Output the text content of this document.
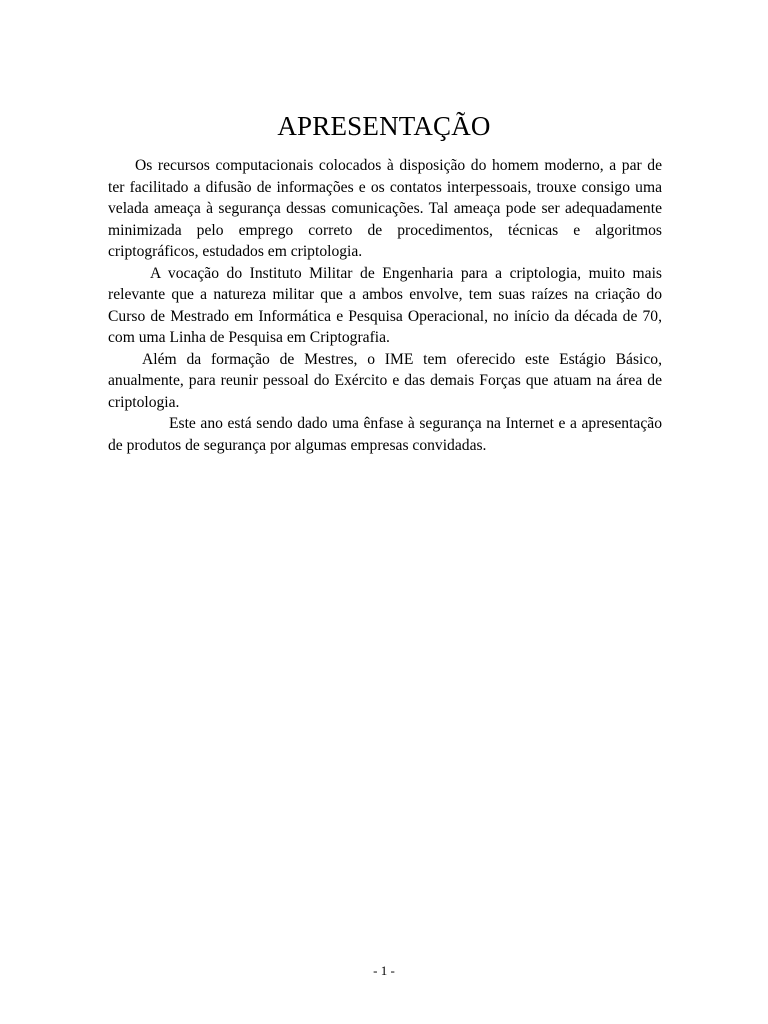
APRESENTAÇÃO

Os recursos computacionais colocados à disposição do homem moderno, a par de ter facilitado a difusão de informações e os contatos interpessoais, trouxe consigo uma velada ameaça à segurança dessas comunicações. Tal ameaça pode ser adequadamente minimizada pelo emprego correto de procedimentos, técnicas e algoritmos criptográficos, estudados em criptologia.

A vocação do Instituto Militar de Engenharia para a criptologia, muito mais relevante que a natureza militar que a ambos envolve, tem suas raízes na criação do Curso de Mestrado em Informática e Pesquisa Operacional, no início da década de 70, com uma Linha de Pesquisa em Criptografia.

Além da formação de Mestres, o IME tem oferecido este Estágio Básico, anualmente, para reunir pessoal do Exército e das demais Forças que atuam na área de criptologia.

Este ano está sendo dado uma ênfase à segurança na Internet e a apresentação de produtos de segurança por algumas empresas convidadas.

- 1 -
